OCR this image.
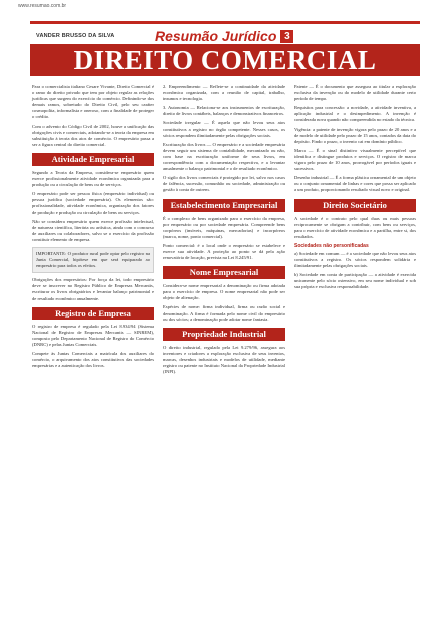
www.resumao.com.br
VANDER BRUSSO DA SILVA	Resumão Jurídico 3
DIREITO COMERCIAL

Para o comercialista italiano Cesare Vivante, Direito Comercial é o ramo do direito privado que tem por objeto regular as relações jurídicas que surgem do exercício do comércio. Definindo-se dos demais ramos, sobretudo do Direito Civil, pelo seu caráter cosmopolita, informalista e oneroso, com a finalidade de proteger o crédito.

Com o advento do Código Civil de 2002, houve a unificação das obrigações civis e comerciais, adotando-se a teoria da empresa em substituição à teoria dos atos de comércio. O empresário passa a ser a figura central do direito comercial.

Atividade Empresarial

Segundo a Teoria da Empresa, considera-se empresário quem exerce profissionalmente atividade econômica organizada para a produção ou a circulação de bens ou de serviços.

O empresário pode ser pessoa física (empresário individual) ou pessoa jurídica (sociedade empresária). Os elementos são: profissionalidade, atividade econômica, organização dos fatores de produção e produção ou circulação de bens ou serviços.

Não se considera empresário quem exerce profissão intelectual, de natureza científica, literária ou artística, ainda com o concurso de auxiliares ou colaboradores, salvo se o exercício da profissão constituir elemento de empresa.

IMPORTANTE: O produtor rural pode optar pelo registro na Junta Comercial, hipótese em que será equiparado ao empresário para todos os efeitos.

Obrigações dos empresários: Por força da lei, todo empresário deve se inscrever no Registro Público de Empresas Mercantis, escriturar os livros obrigatórios e levantar balanço patrimonial e de resultado econômico anualmente.

Registro de Empresa

O registro de empresa é regulado pela Lei 8.934/94 (Sistema Nacional de Registro de Empresas Mercantis — SINREM), composto pelo Departamento Nacional de Registro do Comércio (DNRC) e pelas Juntas Comerciais.

Compete às Juntas Comerciais a matrícula dos auxiliares do comércio, o arquivamento dos atos constitutivos das sociedades empresárias e a autenticação dos livros.

2. Empreendimento — Reflete-se a continuidade da atividade econômica organizada, com a reunião de capital, trabalho, insumos e tecnologia.

3. Autonomia — Relaciona-se aos instrumentos de escrituração, direito de livros contábeis, balanços e demonstrativos financeiros.

Sociedade irregular — É aquela que não levou seus atos constitutivos a registro no órgão competente. Nesses casos, os sócios respondem ilimitadamente pelas obrigações sociais.

Escrituração dos livros — O empresário e a sociedade empresária devem seguir um sistema de contabilidade, mecanizado ou não, com base na escrituração uniforme de seus livros, em correspondência com a documentação respectiva, e a levantar anualmente o balanço patrimonial e o de resultado econômico.

O sigilo dos livros comerciais é protegido por lei, salvo nos casos de falência, sucessão, comunhão ou sociedade, administração ou gestão à conta de outrem.

Estabelecimento Empresarial

É o complexo de bens organizado para o exercício da empresa, por empresário ou por sociedade empresária. Compreende bens corpóreos (imóveis, máquinas, mercadorias) e incorpóreos (marca, nome, ponto comercial).

Ponto comercial: é o local onde o empresário se estabelece e exerce sua atividade. A proteção ao ponto se dá pela ação renovatória de locação, prevista na Lei 8.245/91.

Nome Empresarial

Considera-se nome empresarial a denominação ou firma adotada para o exercício de empresa. O nome empresarial não pode ser objeto de alienação.

Espécies de nome: firma individual, firma ou razão social e denominação. A firma é formada pelo nome civil do empresário ou dos sócios; a denominação pode adotar nome fantasia.

Propriedade Industrial

O direito industrial, regulado pela Lei 9.279/96, assegura aos inventores e criadores a exploração exclusiva de seus inventos, marcas, desenhos industriais e modelos de utilidade, mediante registro ou patente no Instituto Nacional da Propriedade Industrial (INPI).

Patente — É o documento que assegura ao titular a exploração exclusiva da invenção ou do modelo de utilidade durante certo período de tempo.

Requisitos para concessão: a novidade, a atividade inventiva, a aplicação industrial e o desimpedimento. A invenção é considerada nova quando não compreendida no estado da técnica.

Vigência: a patente de invenção vigora pelo prazo de 20 anos e a de modelo de utilidade pelo prazo de 15 anos, contados da data do depósito. Findo o prazo, o invento cai em domínio público.

Marca — É o sinal distintivo visualmente perceptível que identifica e distingue produtos e serviços. O registro de marca vigora pelo prazo de 10 anos, prorrogável por períodos iguais e sucessivos.

Desenho industrial — É a forma plástica ornamental de um objeto ou o conjunto ornamental de linhas e cores que possa ser aplicado a um produto, proporcionando resultado visual novo e original.

Direito Societário

A sociedade é o contrato pelo qual duas ou mais pessoas reciprocamente se obrigam a contribuir, com bens ou serviços, para o exercício de atividade econômica e a partilha, entre si, dos resultados.

Sociedades não personificadas

a) Sociedade em comum — é a sociedade que não levou seus atos constitutivos a registro. Os sócios respondem solidária e ilimitadamente pelas obrigações sociais.

b) Sociedade em conta de participação — a atividade é exercida unicamente pelo sócio ostensivo, em seu nome individual e sob sua própria e exclusiva responsabilidade.
